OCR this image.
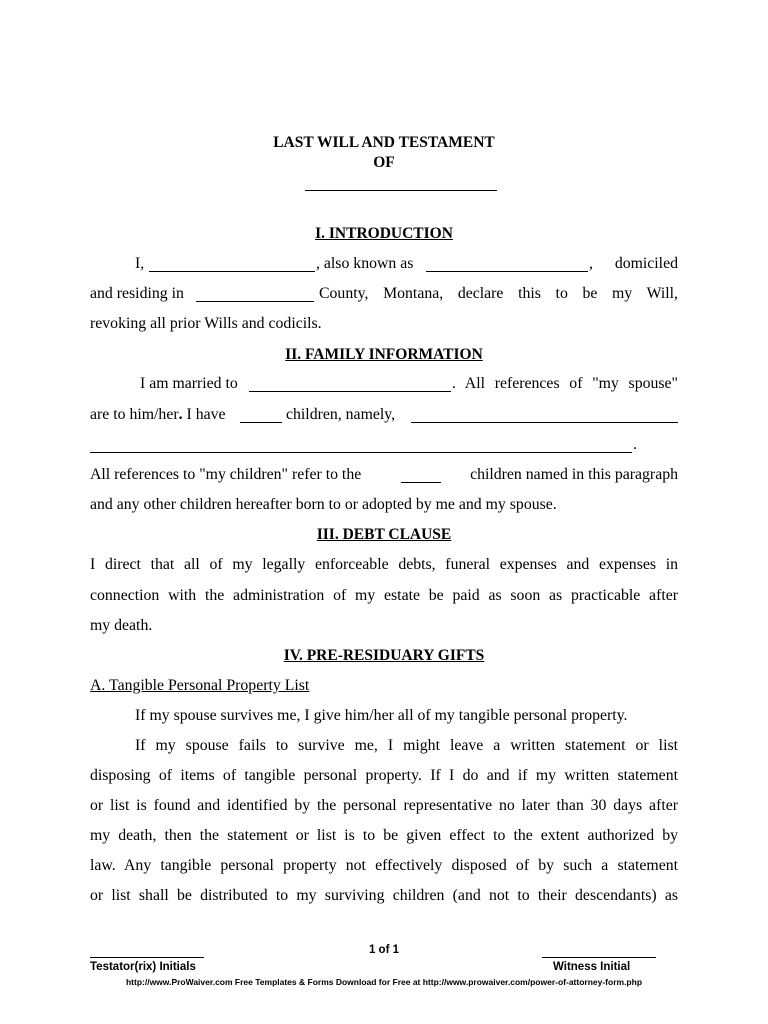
LAST WILL AND TESTAMENT
OF
I. INTRODUCTION
I,	, also known as	, domiciled
and residing in	County, Montana, declare this to be my Will,
revoking all prior Wills and codicils.
II. FAMILY INFORMATION
I am married to	. All references of "my spouse"
are to him/her. I have	children, namely,
.
All references to "my children" refer to the	children named in this paragraph
and any other children hereafter born to or adopted by me and my spouse.
III. DEBT CLAUSE
I direct that all of my legally enforceable debts, funeral expenses and expenses in
connection with the administration of my estate be paid as soon as practicable after
my death.
IV. PRE-RESIDUARY GIFTS
A. Tangible Personal Property List
If my spouse survives me, I give him/her all of my tangible personal property.
If my spouse fails to survive me, I might leave a written statement or list
disposing of items of tangible personal property. If I do and if my written statement
or list is found and identified by the personal representative no later than 30 days after
my death, then the statement or list is to be given effect to the extent authorized by
law. Any tangible personal property not effectively disposed of by such a statement
or list shall be distributed to my surviving children (and not to their descendants) as
1 of 1
Testator(rix) Initials	Witness Initial
http://www.ProWaiver.com Free Templates & Forms Download for Free at http://www.prowaiver.com/power-of-attorney-form.php
